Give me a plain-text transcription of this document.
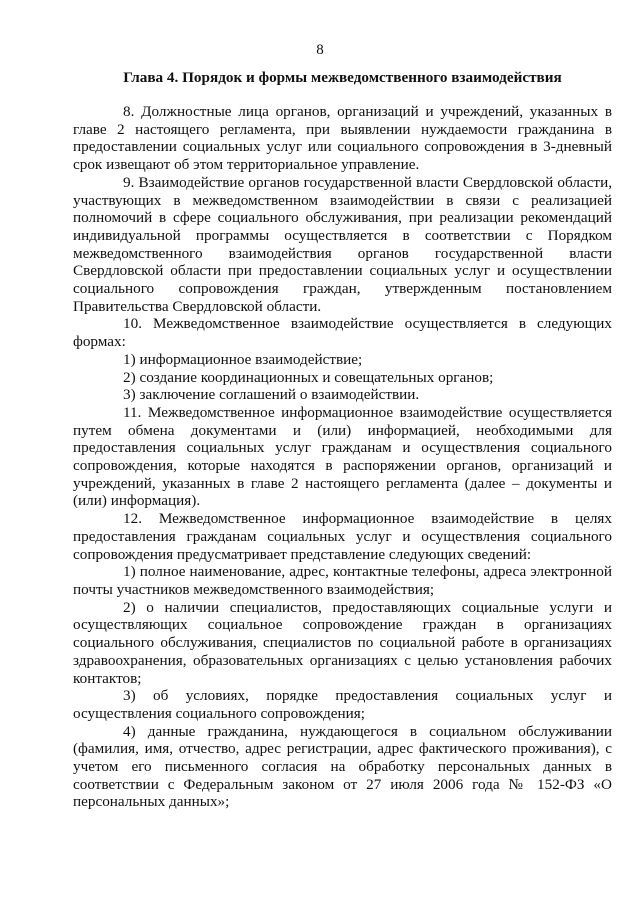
8
Глава 4. Порядок и формы межведомственного взаимодействия

8. Должностные лица органов, организаций и учреждений, указанных в главе 2 настоящего регламента, при выявлении нуждаемости гражданина в предоставлении социальных услуг или социального сопровождения в 3-дневный срок извещают об этом территориальное управление.

9. Взаимодействие органов государственной власти Свердловской области, участвующих в межведомственном взаимодействии в связи с реализацией полномочий в сфере социального обслуживания, при реализации рекомендаций индивидуальной программы осуществляется в соответствии с Порядком межведомственного взаимодействия органов государственной власти Свердловской области при предоставлении социальных услуг и осуществлении социального сопровождения граждан, утвержденным постановлением Правительства Свердловской области.

10. Межведомственное взаимодействие осуществляется в следующих формах:

1) информационное взаимодействие;

2) создание координационных и совещательных органов;

3) заключение соглашений о взаимодействии.

11. Межведомственное информационное взаимодействие осуществляется путем обмена документами и (или) информацией, необходимыми для предоставления социальных услуг гражданам и осуществления социального сопровождения, которые находятся в распоряжении органов, организаций и учреждений, указанных в главе 2 настоящего регламента (далее – документы и (или) информация).

12. Межведомственное информационное взаимодействие в целях предоставления гражданам социальных услуг и осуществления социального сопровождения предусматривает представление следующих сведений:

1) полное наименование, адрес, контактные телефоны, адреса электронной почты участников межведомственного взаимодействия;

2) о наличии специалистов, предоставляющих социальные услуги и осуществляющих социальное сопровождение граждан в организациях социального обслуживания, специалистов по социальной работе в организациях здравоохранения, образовательных организациях с целью установления рабочих контактов;

3) об условиях, порядке предоставления социальных услуг и осуществления социального сопровождения;

4) данные гражданина, нуждающегося в социальном обслуживании (фамилия, имя, отчество, адрес регистрации, адрес фактического проживания), с учетом его письменного согласия на обработку персональных данных в соответствии с Федеральным законом от 27 июля 2006 года № 152-ФЗ «О персональных данных»;
